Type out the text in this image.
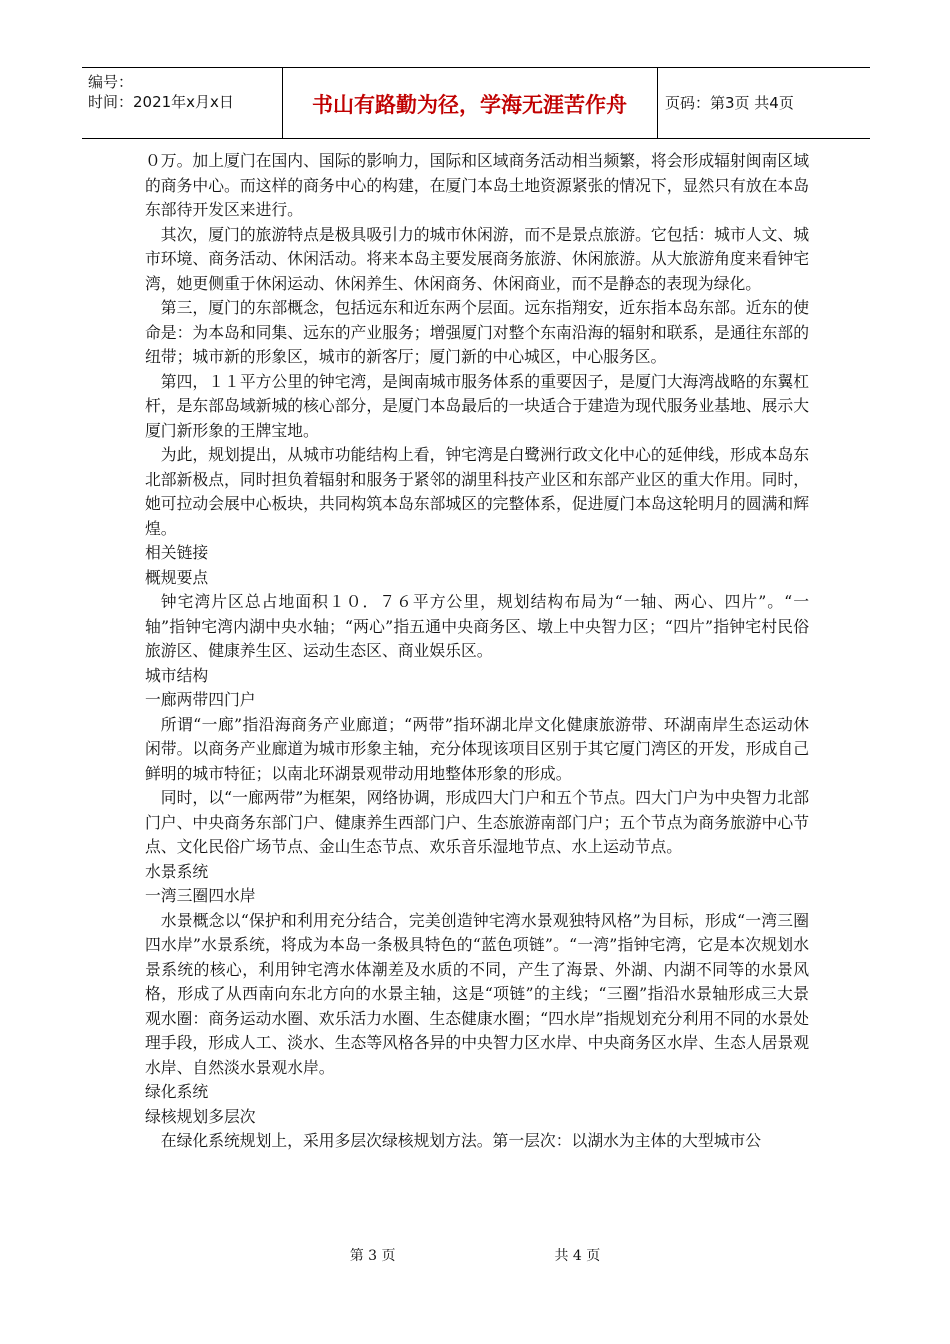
编号：
时间：2021年x月x日	书山有路勤为径，学海无涯苦作舟	页码：第3页 共4页

０万。加上厦门在国内、国际的影响力，国际和区域商务活动相当频繁，将会形成辐射闽南区域的商务中心。而这样的商务中心的构建，在厦门本岛土地资源紧张的情况下，显然只有放在本岛东部待开发区来进行。

其次，厦门的旅游特点是极具吸引力的城市休闲游，而不是景点旅游。它包括：城市人文、城市环境、商务活动、休闲活动。将来本岛主要发展商务旅游、休闲旅游。从大旅游角度来看钟宅湾，她更侧重于休闲运动、休闲养生、休闲商务、休闲商业，而不是静态的表现为绿化。

第三，厦门的东部概念，包括远东和近东两个层面。远东指翔安，近东指本岛东部。近东的使命是：为本岛和同集、远东的产业服务；增强厦门对整个东南沿海的辐射和联系，是通往东部的纽带；城市新的形象区，城市的新客厅；厦门新的中心城区，中心服务区。

第四，１１平方公里的钟宅湾，是闽南城市服务体系的重要因子，是厦门大海湾战略的东翼杠杆，是东部岛域新城的核心部分，是厦门本岛最后的一块适合于建造为现代服务业基地、展示大厦门新形象的王牌宝地。

为此，规划提出，从城市功能结构上看，钟宅湾是白鹭洲行政文化中心的延伸线，形成本岛东北部新极点，同时担负着辐射和服务于紧邻的湖里科技产业区和东部产业区的重大作用。同时，她可拉动会展中心板块，共同构筑本岛东部城区的完整体系，促进厦门本岛这轮明月的圆满和辉煌。

相关链接

概规要点

钟宅湾片区总占地面积１０．７６平方公里，规划结构布局为“一轴、两心、四片”。“一轴”指钟宅湾内湖中央水轴；“两心”指五通中央商务区、墩上中央智力区；“四片”指钟宅村民俗旅游区、健康养生区、运动生态区、商业娱乐区。

城市结构

一廊两带四门户

所谓“一廊”指沿海商务产业廊道；“两带”指环湖北岸文化健康旅游带、环湖南岸生态运动休闲带。以商务产业廊道为城市形象主轴，充分体现该项目区别于其它厦门湾区的开发，形成自己鲜明的城市特征；以南北环湖景观带动用地整体形象的形成。

同时，以“一廊两带”为框架，网络协调，形成四大门户和五个节点。四大门户为中央智力北部门户、中央商务东部门户、健康养生西部门户、生态旅游南部门户；五个节点为商务旅游中心节点、文化民俗广场节点、金山生态节点、欢乐音乐湿地节点、水上运动节点。

水景系统

一湾三圈四水岸

水景概念以“保护和利用充分结合，完美创造钟宅湾水景观独特风格”为目标，形成“一湾三圈四水岸”水景系统，将成为本岛一条极具特色的“蓝色项链”。“一湾”指钟宅湾，它是本次规划水景系统的核心，利用钟宅湾水体潮差及水质的不同，产生了海景、外湖、内湖不同等的水景风格，形成了从西南向东北方向的水景主轴，这是“项链”的主线；“三圈”指沿水景轴形成三大景观水圈：商务运动水圈、欢乐活力水圈、生态健康水圈；“四水岸”指规划充分利用不同的水景处理手段，形成人工、淡水、生态等风格各异的中央智力区水岸、中央商务区水岸、生态人居景观水岸、自然淡水景观水岸。

绿化系统

绿核规划多层次

在绿化系统规划上，采用多层次绿核规划方法。第一层次：以湖水为主体的大型城市公

第 3 页	共 4 页
